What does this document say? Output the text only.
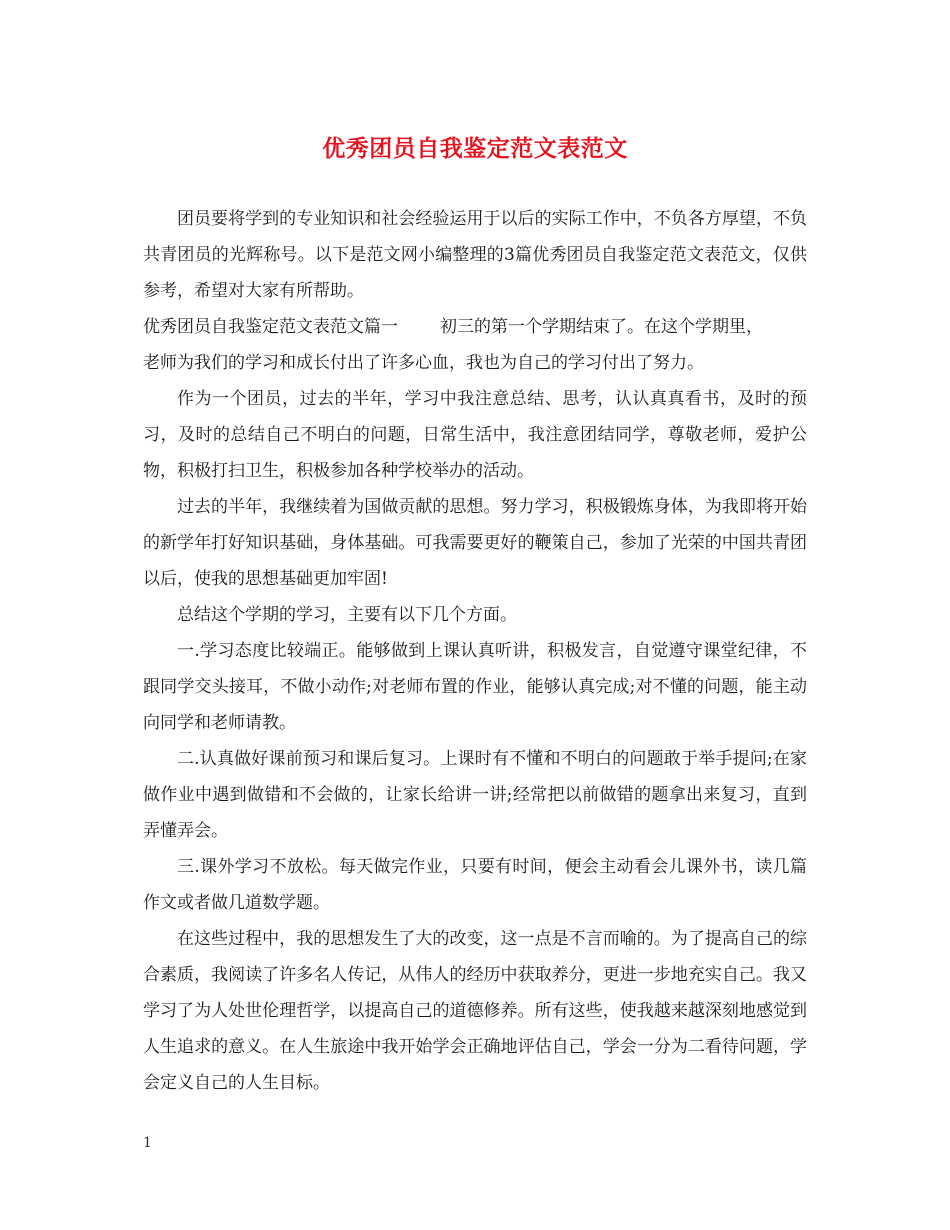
优秀团员自我鉴定范文表范文

团员要将学到的专业知识和社会经验运用于以后的实际工作中，不负各方厚望，不负共青团员的光辉称号。以下是范文网小编整理的3篇优秀团员自我鉴定范文表范文，仅供参考，希望对大家有所帮助。

优秀团员自我鉴定范文表范文篇一 初三的第一个学期结束了。在这个学期里，

老师为我们的学习和成长付出了许多心血，我也为自己的学习付出了努力。

作为一个团员，过去的半年，学习中我注意总结、思考，认认真真看书，及时的预习，及时的总结自己不明白的问题，日常生活中，我注意团结同学，尊敬老师，爱护公物，积极打扫卫生，积极参加各种学校举办的活动。

过去的半年，我继续着为国做贡献的思想。努力学习，积极锻炼身体，为我即将开始的新学年打好知识基础，身体基础。可我需要更好的鞭策自己，参加了光荣的中国共青团以后，使我的思想基础更加牢固!

总结这个学期的学习，主要有以下几个方面。

一.学习态度比较端正。能够做到上课认真听讲，积极发言，自觉遵守课堂纪律，不跟同学交头接耳，不做小动作;对老师布置的作业，能够认真完成;对不懂的问题，能主动向同学和老师请教。

二.认真做好课前预习和课后复习。上课时有不懂和不明白的问题敢于举手提问;在家做作业中遇到做错和不会做的，让家长给讲一讲;经常把以前做错的题拿出来复习，直到弄懂弄会。

三.课外学习不放松。每天做完作业，只要有时间，便会主动看会儿课外书，读几篇作文或者做几道数学题。

在这些过程中，我的思想发生了大的改变，这一点是不言而喻的。为了提高自己的综合素质，我阅读了许多名人传记，从伟人的经历中获取养分，更进一步地充实自己。我又学习了为人处世伦理哲学，以提高自己的道德修养。所有这些，使我越来越深刻地感觉到人生追求的意义。在人生旅途中我开始学会正确地评估自己，学会一分为二看待问题，学会定义自己的人生目标。

1
